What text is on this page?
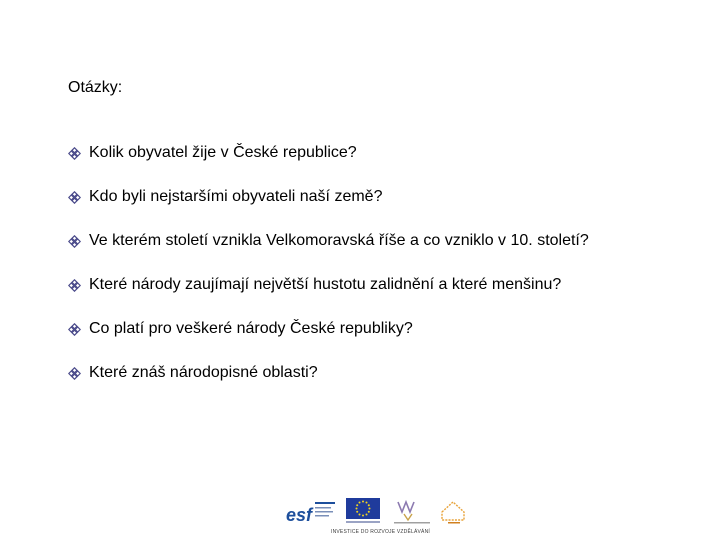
Otázky:
Kolik obyvatel žije v České republice?
Kdo byli nejstaršími obyvateli naší země?
Ve kterém století vznikla Velkomoravská říše a co vzniklo v 10. století?
Které národy zaujímají největší hustotu zalidnění a které menšinu?
Co platí pro veškeré národy České republiky?
Které znáš národopisné oblasti?
esf
INVESTICE DO ROZVOJE VZDĚLÁVÁNÍ
